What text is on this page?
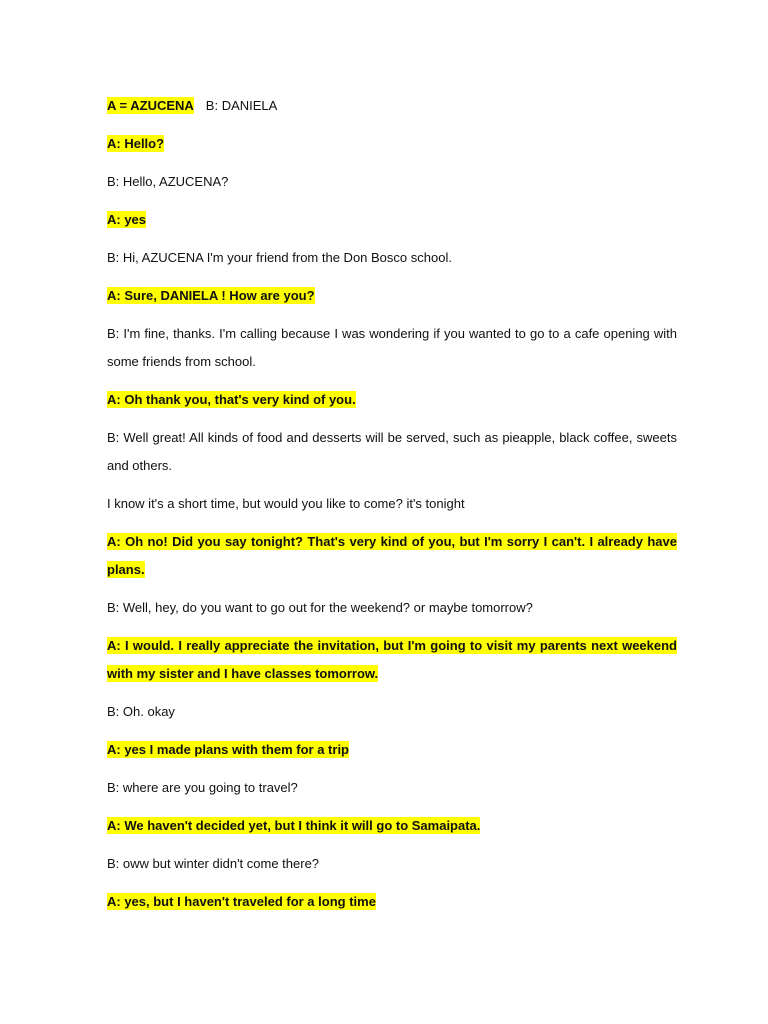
A = AZUCENA B: DANIELA

A: Hello?

B: Hello, AZUCENA?

A: yes

B: Hi, AZUCENA I'm your friend from the Don Bosco school.

A: Sure, DANIELA ! How are you?

B: I'm fine, thanks. I'm calling because I was wondering if you wanted to go to a cafe opening with some friends from school.

A: Oh thank you, that's very kind of you.

B: Well great! All kinds of food and desserts will be served, such as pieapple, black coffee, sweets and others.

I know it's a short time, but would you like to come? it's tonight

A: Oh no! Did you say tonight? That's very kind of you, but I'm sorry I can't. I already have plans.

B: Well, hey, do you want to go out for the weekend? or maybe tomorrow?

A: I would. I really appreciate the invitation, but I'm going to visit my parents next weekend with my sister and I have classes tomorrow.

B: Oh. okay

A: yes I made plans with them for a trip

B: where are you going to travel?

A: We haven't decided yet, but I think it will go to Samaipata.

B: oww but winter didn't come there?

A: yes, but I haven't traveled for a long time
